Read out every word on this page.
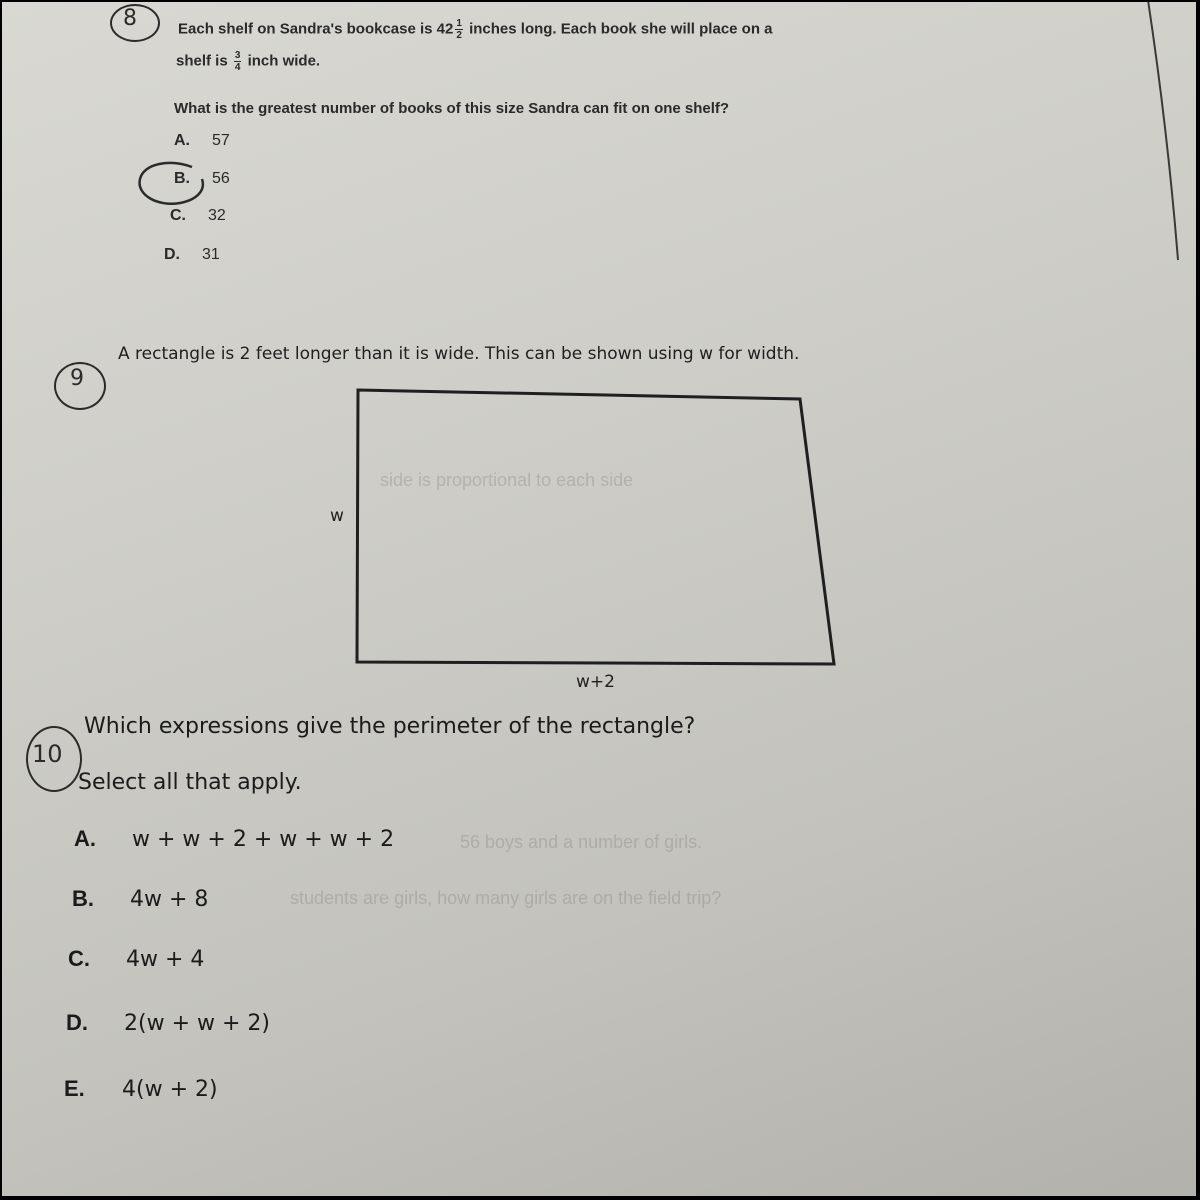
8	Each shelf on Sandra's bookcase is $42 \frac{1}{2}$ inches long. Each book she will place on a
shelf is $\frac{3}{4}$ inch wide.
What is the greatest number of books of this size Sandra can fit on one shelf?
A. 57
B. 56
C. 32
D. 31
9
A rectangle is 2 feet longer than it is wide. This can be shown using w for width.
w
w+2
side is proportional to each side
56 boys and a number of girls.
students are girls, how many girls are on the field trip?
10
Which expressions give the perimeter of the rectangle?
Select all that apply.
A. w + w + 2 + w + w + 2
B. 4w + 8
C. 4w + 4
D. 2(w + w + 2)
E. 4(w + 2)
